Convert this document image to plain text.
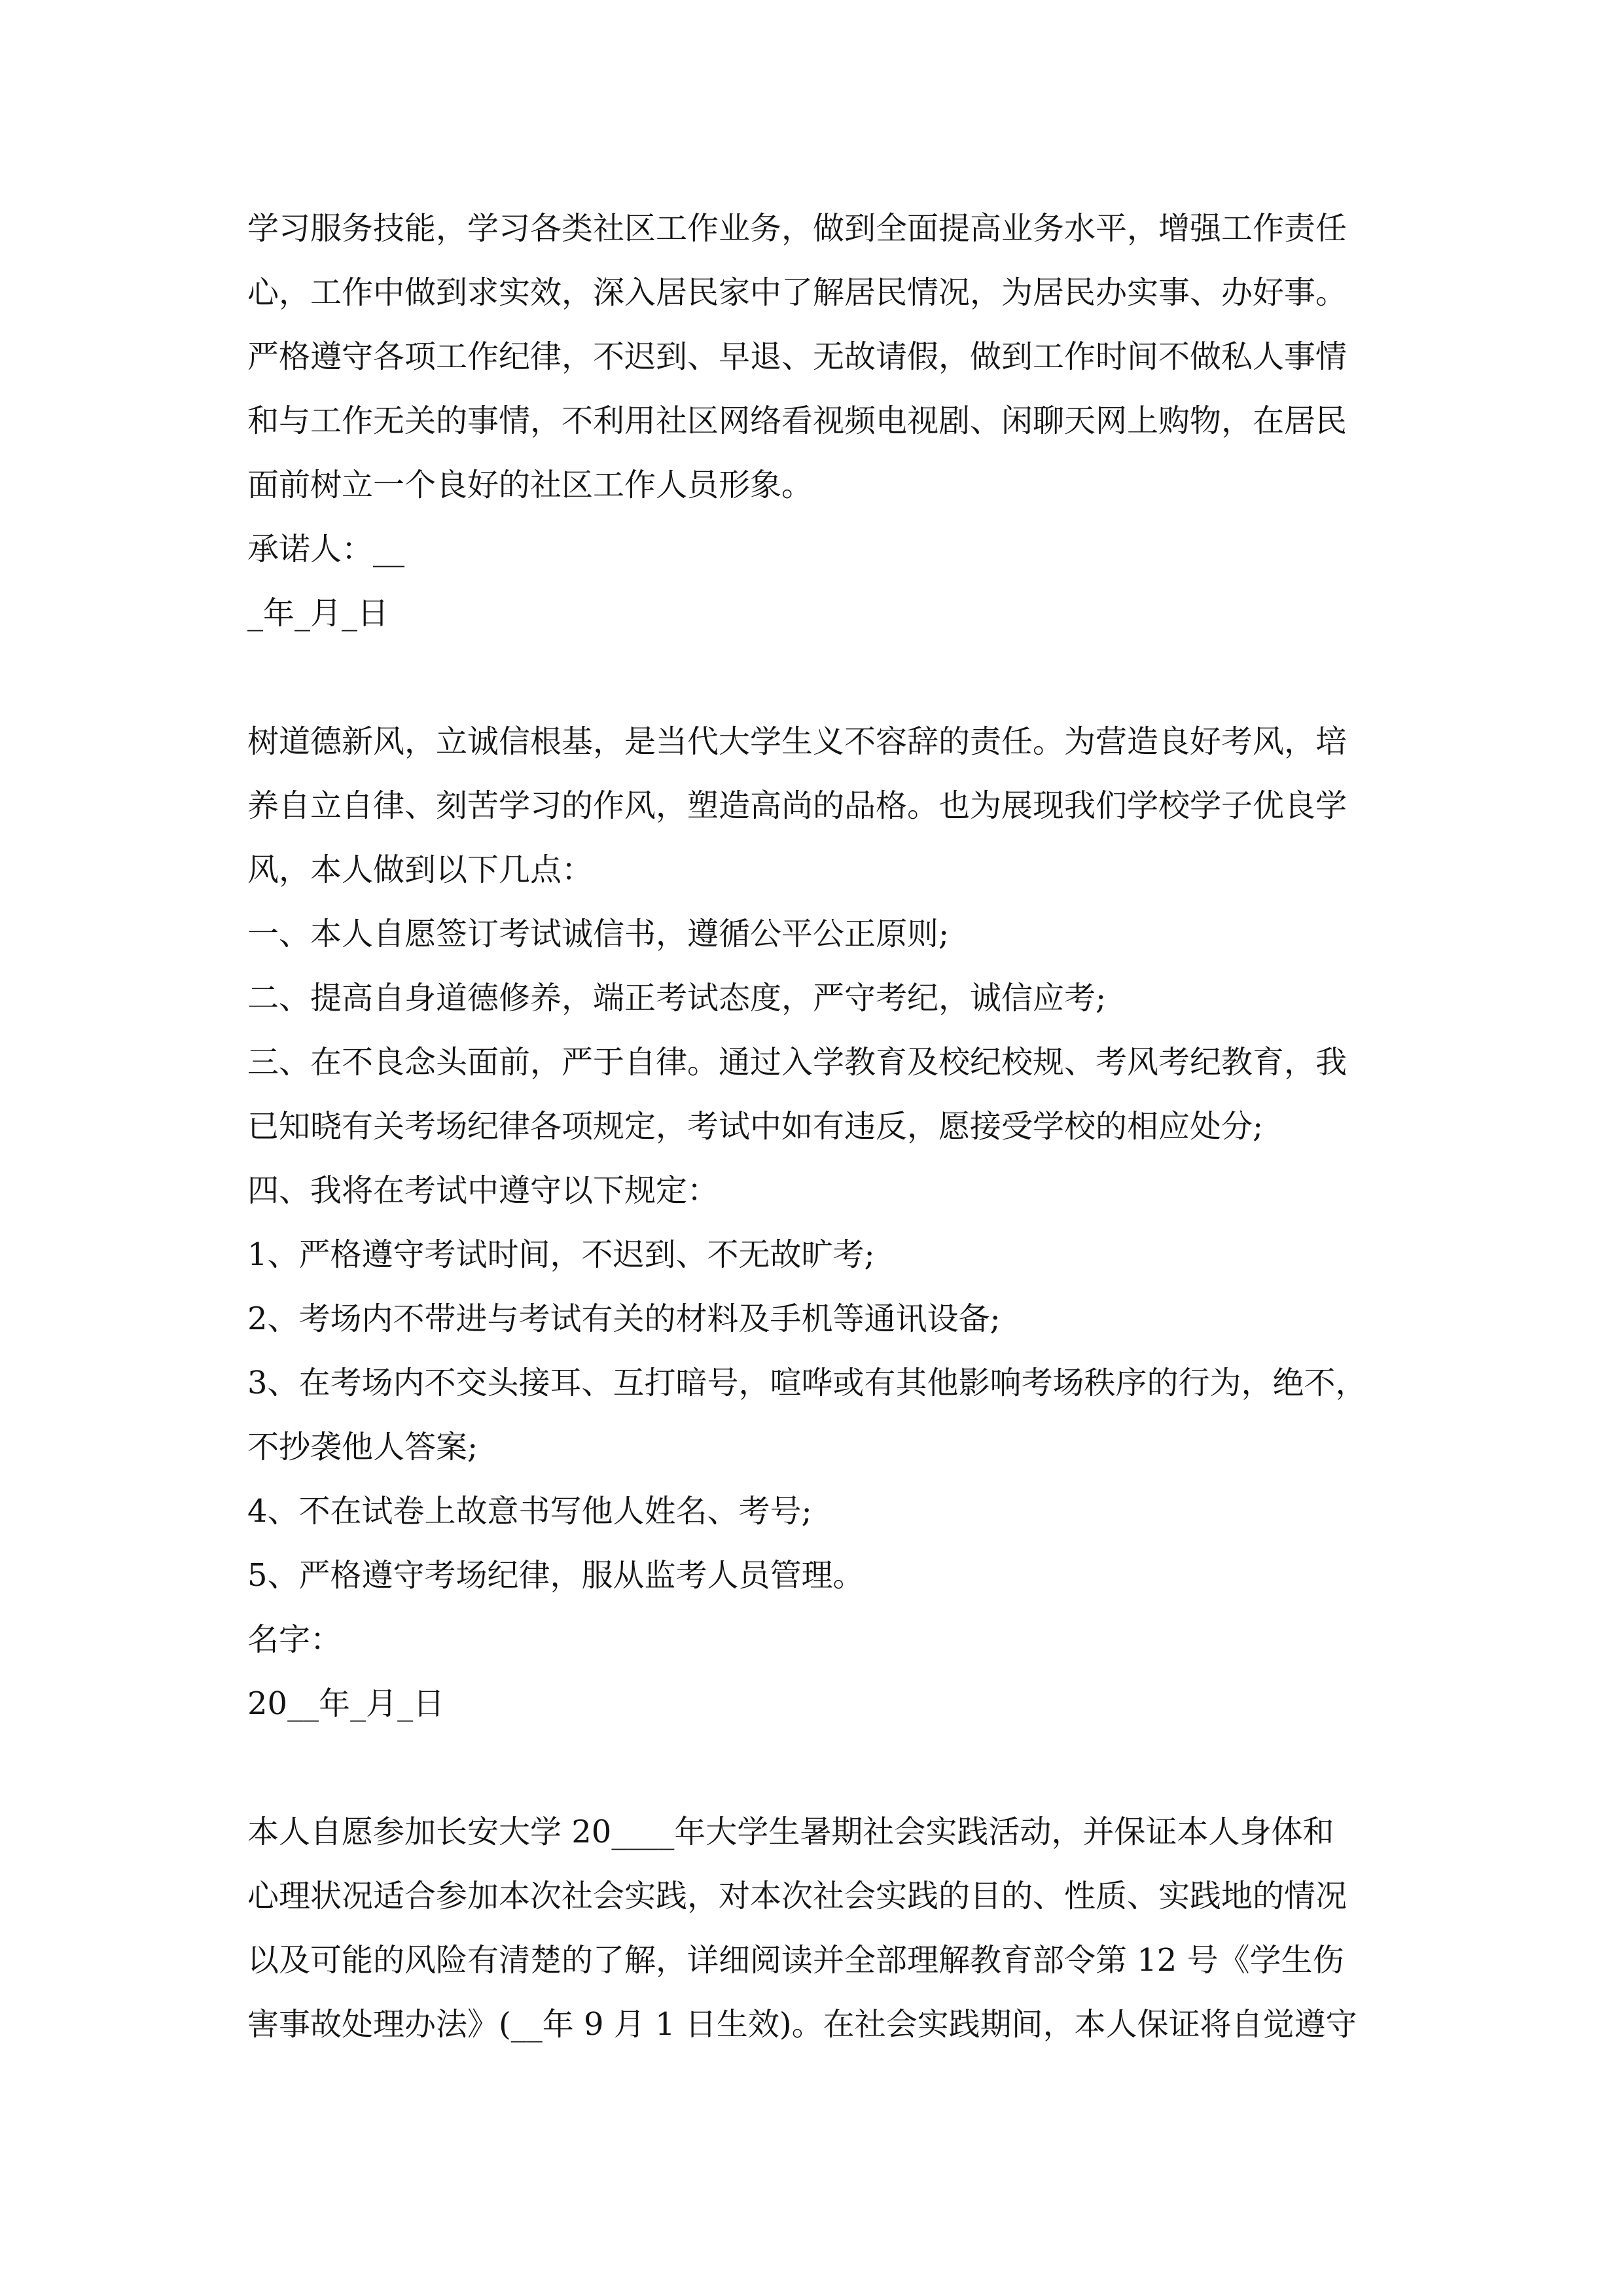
学习服务技能，学习各类社区工作业务，做到全面提高业务水平，增强工作责任
心，工作中做到求实效，深入居民家中了解居民情况，为居民办实事、办好事。
严格遵守各项工作纪律，不迟到、早退、无故请假，做到工作时间不做私人事情
和与工作无关的事情，不利用社区网络看视频电视剧、闲聊天网上购物，在居民
面前树立一个良好的社区工作人员形象。
承诺人：__
_年_月_日
树道德新风，立诚信根基，是当代大学生义不容辞的责任。为营造良好考风，培
养自立自律、刻苦学习的作风，塑造高尚的品格。也为展现我们学校学子优良学
风，本人做到以下几点：
一、本人自愿签订考试诚信书，遵循公平公正原则;
二、提高自身道德修养，端正考试态度，严守考纪，诚信应考;
三、在不良念头面前，严于自律。通过入学教育及校纪校规、考风考纪教育，我
已知晓有关考场纪律各项规定，考试中如有违反，愿接受学校的相应处分;
四、我将在考试中遵守以下规定：
1、严格遵守考试时间，不迟到、不无故旷考;
2、考场内不带进与考试有关的材料及手机等通讯设备;
3、在考场内不交头接耳、互打暗号，喧哗或有其他影响考场秩序的行为，绝不，
不抄袭他人答案;
4、不在试卷上故意书写他人姓名、考号;
5、严格遵守考场纪律，服从监考人员管理。
名字：
20__年_月_日
本人自愿参加长安大学 20____年大学生暑期社会实践活动，并保证本人身体和
心理状况适合参加本次社会实践，对本次社会实践的目的、性质、实践地的情况
以及可能的风险有清楚的了解，详细阅读并全部理解教育部令第 12 号《学生伤
害事故处理办法》(__年 9 月 1 日生效)。在社会实践期间，本人保证将自觉遵守
